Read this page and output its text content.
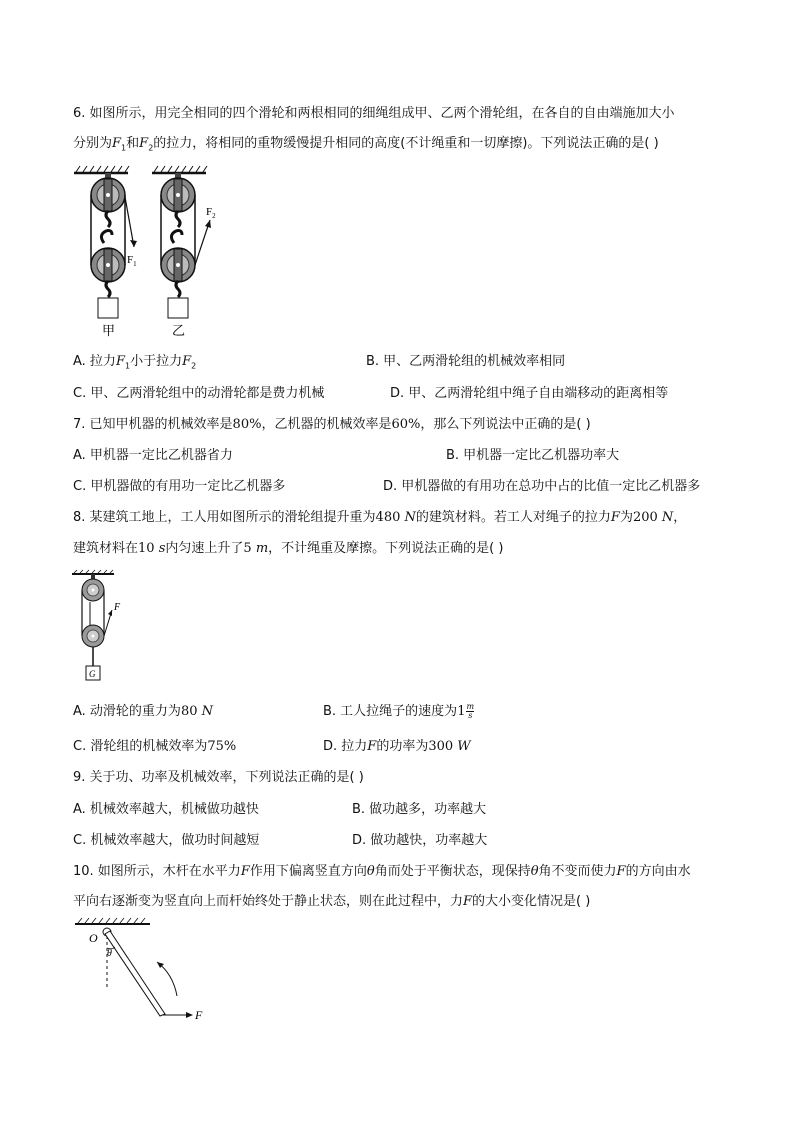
6. 如图所示，用完全相同的四个滑轮和两根相同的细绳组成甲、乙两个滑轮组，在各自的自由端施加大小
分别为$F_1$和$F_2$的拉力，将相同的重物缓慢提升相同的高度(不计绳重和一切摩擦)。下列说法正确的是( )
$F_1$
甲
$F_2$
乙
A. 拉力$F_1$小于拉力$F_2$	B. 甲、乙两滑轮组的机械效率相同
C. 甲、乙两滑轮组中的动滑轮都是费力机械	D. 甲、乙两滑轮组中绳子自由端移动的距离相等
7. 已知甲机器的机械效率是80%，乙机器的机械效率是60%，那么下列说法中正确的是( )
A. 甲机器一定比乙机器省力	B. 甲机器一定比乙机器功率大
C. 甲机器做的有用功一定比乙机器多	D. 甲机器做的有用功在总功中占的比值一定比乙机器多
8. 某建筑工地上，工人用如图所示的滑轮组提升重为480 N的建筑材料。若工人对绳子的拉力F为200 N，
建筑材料在10 s内匀速上升了5 m，不计绳重及摩擦。下列说法正确的是( )
F
G
A. 动滑轮的重力为80 N	B. 工人拉绳子的速度为$1 \frac{m}{s}$
C. 滑轮组的机械效率为75%	D. 拉力F的功率为300 W
9. 关于功、功率及机械效率，下列说法正确的是( )
A. 机械效率越大，机械做功越快	B. 做功越多，功率越大
C. 机械效率越大，做功时间越短	D. 做功越快，功率越大
10. 如图所示，木杆在水平力F作用下偏离竖直方向θ角而处于平衡状态，现保持θ角不变而使力F的方向由水
平向右逐渐变为竖直向上而杆始终处于静止状态，则在此过程中，力F的大小变化情况是( )
O
θ
F
